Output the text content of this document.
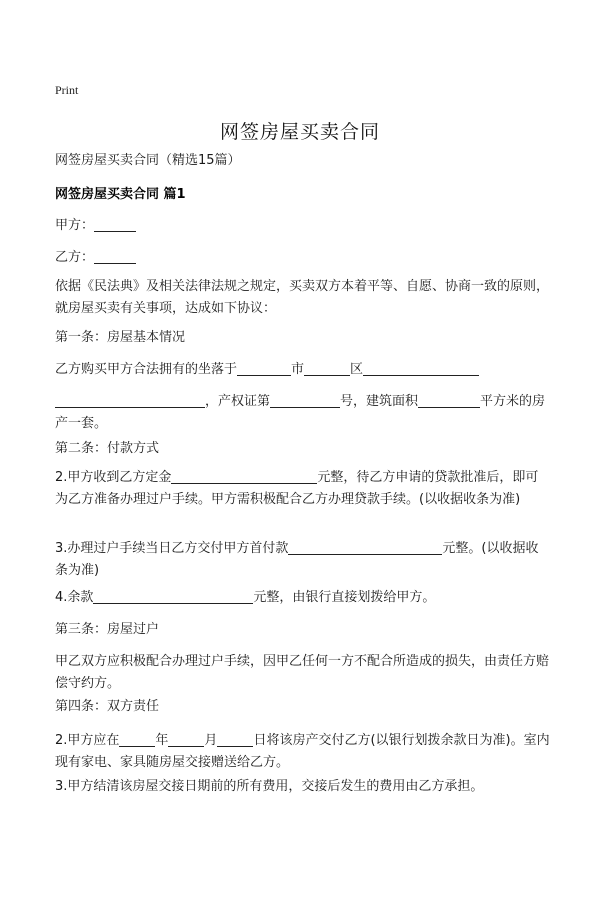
Print
网签房屋买卖合同
网签房屋买卖合同（精选15篇）
网签房屋买卖合同 篇1
甲方：
乙方：
依据《民法典》及相关法律法规之规定，买卖双方本着平等、自愿、协商一致的原则，就房屋买卖有关事项，达成如下协议：
第一条：房屋基本情况
乙方购买甲方合法拥有的坐落于	市	区
，产权证第	号，建筑面积	平方米的房产一套。
第二条：付款方式
2.甲方收到乙方定金	元整，待乙方申请的贷款批准后，即可为乙方准备办理过户手续。甲方需积极配合乙方办理贷款手续。(以收据收条为准)
3.办理过户手续当日乙方交付甲方首付款	元整。(以收据收条为准)
4.余款	元整，由银行直接划拨给甲方。
第三条：房屋过户
甲乙双方应积极配合办理过户手续，因甲乙任何一方不配合所造成的损失，由责任方赔偿守约方。
第四条：双方责任
2.甲方应在	年	月	日将该房产交付乙方(以银行划拨余款日为准)。室内现有家电、家具随房屋交接赠送给乙方。
3.甲方结清该房屋交接日期前的所有费用，交接后发生的费用由乙方承担。
